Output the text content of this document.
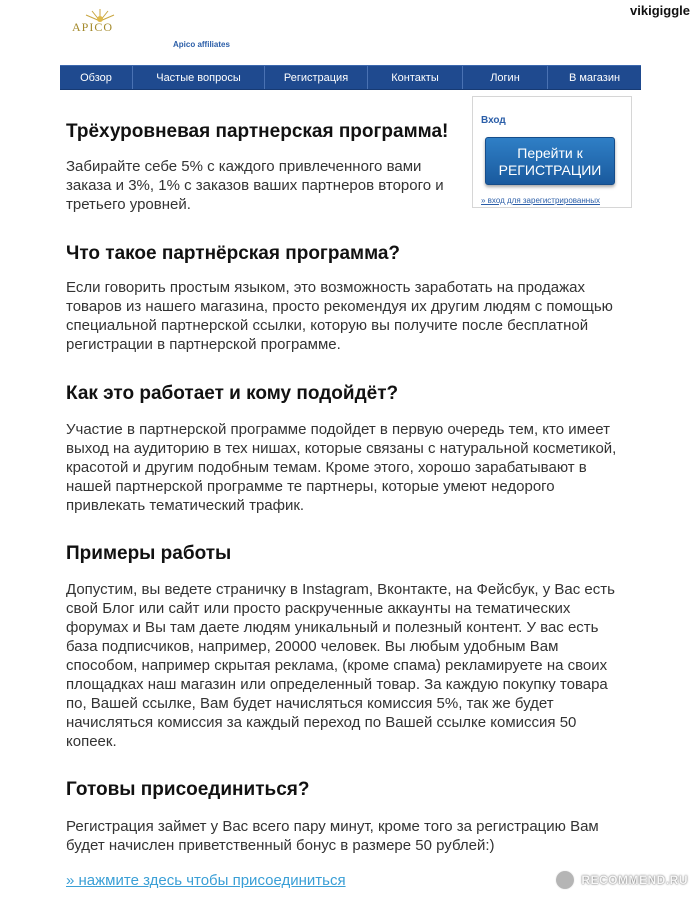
APICO
Apico affiliates
vikigiggle
Обзор	Частые вопросы	Регистрация	Контакты	Логин	В магазин
Вход
Перейти к
РЕГИСТРАЦИИ
» вход для зарегистрированных
Трёхуровневая партнерская программа!

Забирайте себе 5% с каждого привлеченного вами заказа и 3%, 1% с заказов ваших партнеров второго и третьего уровней.

Что такое партнёрская программа?

Если говорить простым языком, это возможность заработать на продажах товаров из нашего магазина, просто рекомендуя их другим людям с помощью специальной партнерской ссылки, которую вы получите после бесплатной регистрации в партнерской программе.

Как это работает и кому подойдёт?

Участие в партнерской программе подойдет в первую очередь тем, кто имеет выход на аудиторию в тех нишах, которые связаны с натуральной косметикой, красотой и другим подобным темам. Кроме этого, хорошо зарабатывают в нашей партнерской программе те партнеры, которые умеют недорого привлекать тематический трафик.

Примеры работы

Допустим, вы ведете страничку в Instagram, Вконтакте, на Фейсбук, у Вас есть свой Блог или сайт или просто раскрученные аккаунты на тематических форумах и Вы там даете людям уникальный и полезный контент. У вас есть база подписчиков, например, 20000 человек. Вы любым удобным Вам способом, например скрытая реклама, (кроме спама) рекламируете на своих площадках наш магазин или определенный товар. За каждую покупку товара по, Вашей ссылке, Вам будет начисляться комиссия 5%, так же будет начисляться комиссия за каждый переход по Вашей ссылке комиссия 50 копеек.

Готовы присоединиться?

Регистрация займет у Вас всего пару минут, кроме того за регистрацию Вам будет начислен приветственный бонус в размере 50 рублей:)

» нажмите здесь чтобы присоединиться	RECOMMEND.RU
